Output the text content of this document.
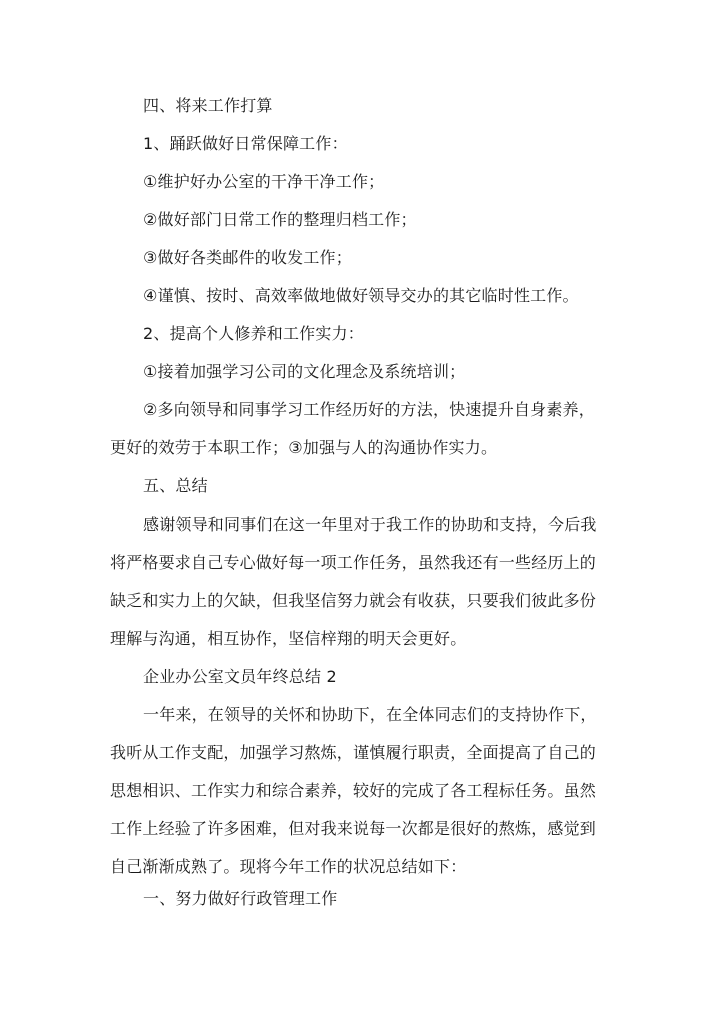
四、将来工作打算
1、踊跃做好日常保障工作：
①维护好办公室的干净干净工作；
②做好部门日常工作的整理归档工作；
③做好各类邮件的收发工作；
④谨慎、按时、高效率做地做好领导交办的其它临时性工作。
2、提高个人修养和工作实力：
①接着加强学习公司的文化理念及系统培训；
②多向领导和同事学习工作经历好的方法，快速提升自身素养，
更好的效劳于本职工作；③加强与人的沟通协作实力。
五、总结
感谢领导和同事们在这一年里对于我工作的协助和支持，今后我
将严格要求自己专心做好每一项工作任务，虽然我还有一些经历上的
缺乏和实力上的欠缺，但我坚信努力就会有收获，只要我们彼此多份
理解与沟通，相互协作，坚信梓翔的明天会更好。
企业办公室文员年终总结 2
一年来，在领导的关怀和协助下，在全体同志们的支持协作下，
我听从工作支配，加强学习熬炼，谨慎履行职责，全面提高了自己的
思想相识、工作实力和综合素养，较好的完成了各工程标任务。虽然
工作上经验了许多困难，但对我来说每一次都是很好的熬炼，感觉到
自己渐渐成熟了。现将今年工作的状况总结如下：
一、努力做好行政管理工作
